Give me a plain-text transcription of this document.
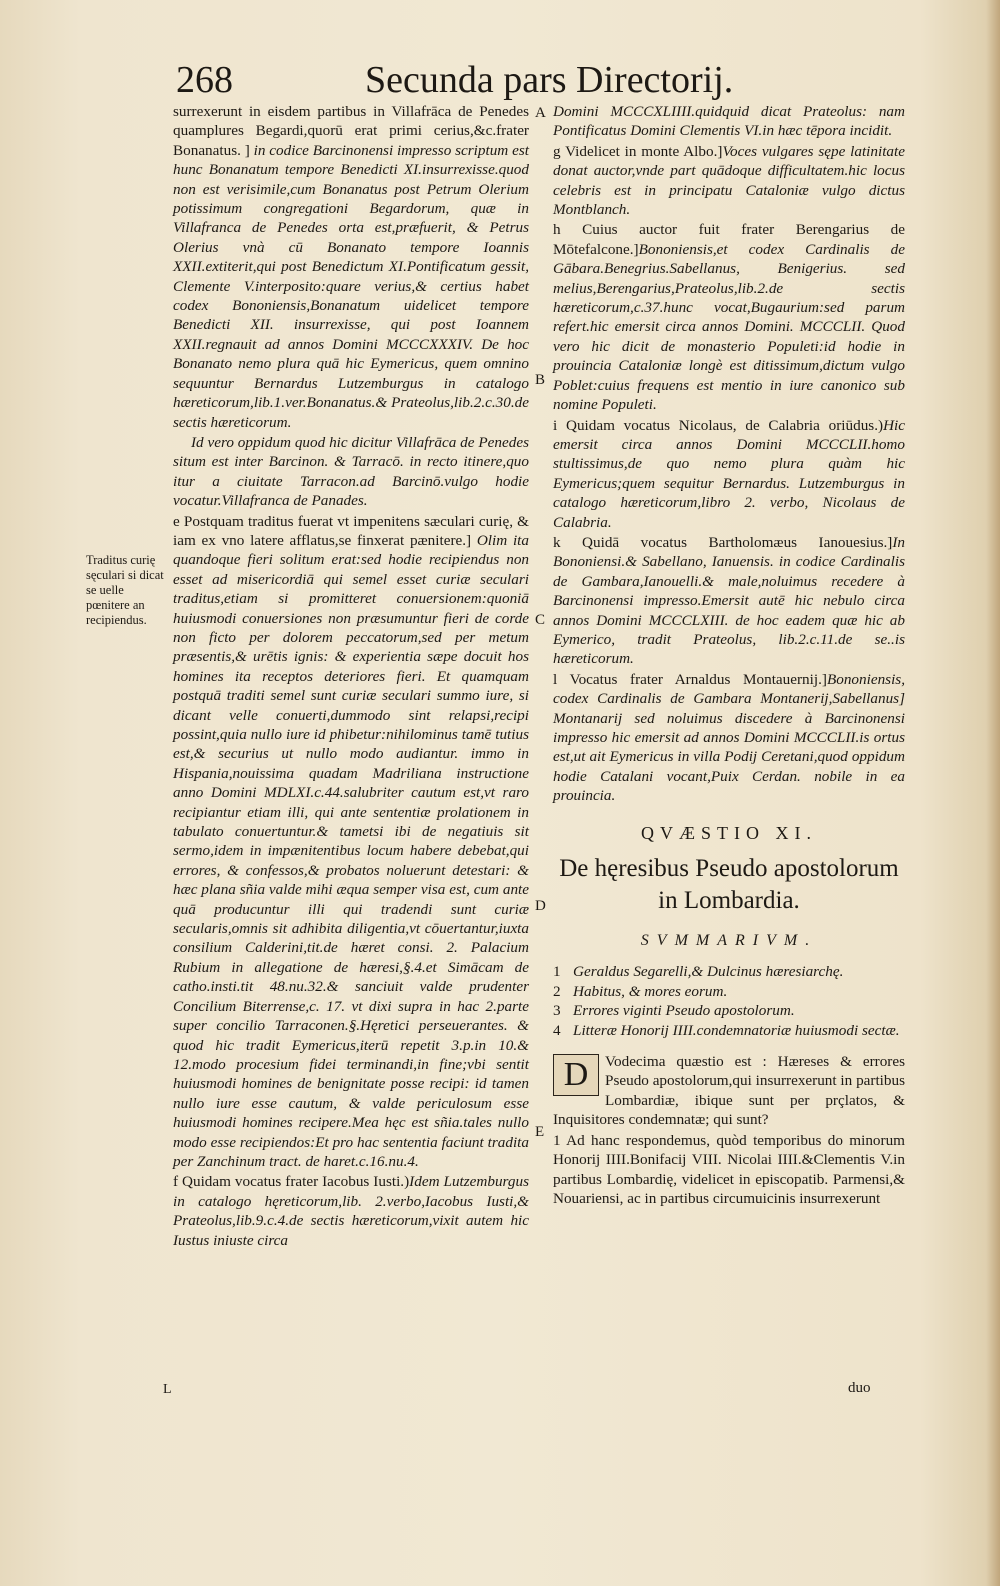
268	Secunda pars Directorij.
Traditus curię sęculari si dicat se uelle pœnitere an recipiendus.
A
B
C
D
E

surrexerunt in eisdem partibus in Villafrāca de Penedes quamplures Begardi,quorū erat primi cerius,&c.frater Bonanatus. ] in codice Barcinonensi impresso scriptum est hunc Bonanatum tempore Benedicti XI.insurrexisse.quod non est verisimile,cum Bonanatus post Petrum Olerium potissimum congregationi Begardorum, quæ in Villafranca de Penedes orta est,præfuerit, & Petrus Olerius vnà cū Bonanato tempore Ioannis XXII.extiterit,qui post Benedictum XI.Pontificatum gessit, Clemente V.interposito:quare verius,& certius habet codex Bononiensis,Bonanatum uidelicet tempore Benedicti XII. insurrexisse, qui post Ioannem XXII.regnauit ad annos Domini MCCCXXXIV. De hoc Bonanato nemo plura quā hic Eymericus, quem omnino sequuntur Bernardus Lutzemburgus in catalogo hæreticorum,lib.1.ver.Bonanatus.& Prateolus,lib.2.c.30.de sectis hæreticorum.

Id vero oppidum quod hic dicitur Villafrāca de Penedes situm est inter Barcinon. & Tarracō. in recto itinere,quo itur a ciuitate Tarracon.ad Barcinō.vulgo hodie vocatur.Villafranca de Panades.

e Postquam traditus fuerat vt impenitens sæculari curię, & iam ex vno latere afflatus,se finxerat pænitere.] Olim ita quandoque fieri solitum erat:sed hodie recipiendus non esset ad misericordiā qui semel esset curiæ seculari traditus,etiam si promitteret conuersionem:quoniā huiusmodi conuersiones non præsumuntur fieri de corde non ficto per dolorem peccatorum,sed per metum præsentis,& urētis ignis: & experientia sæpe docuit hos homines ita receptos deteriores fieri. Et quamquam postquā traditi semel sunt curiæ seculari summo iure, si dicant velle conuerti,dummodo sint relapsi,recipi possint,quia nullo iure id phibetur:nihilominus tamē tutius est,& securius ut nullo modo audiantur. immo in Hispania,nouissima quadam Madriliana instructione anno Domini MDLXI.c.44.salubriter cautum est,vt raro recipiantur etiam illi, qui ante sententiæ prolationem in tabulato conuertuntur.& tametsi ibi de negatiuis sit sermo,idem in impænitentibus locum habere debebat,qui errores, & confessos,& probatos noluerunt detestari: & hæc plana sñia valde mihi æqua semper visa est, cum ante quā producuntur illi qui tradendi sunt curiæ secularis,omnis sit adhibita diligentia,vt cōuertantur,iuxta consilium Calderini,tit.de hæret consi. 2. Palacium Rubium in allegatione de hæresi,§.4.et Simācam de catho.insti.tit 48.nu.32.& sanciuit valde prudenter Concilium Biterrense,c. 17. vt dixi supra in hac 2.parte super concilio Tarraconen.§.Hęretici perseuerantes. & quod hic tradit Eymericus,iterū repetit 3.p.in 10.& 12.modo procesium fidei terminandi,in fine;vbi sentit huiusmodi homines de benignitate posse recipi: id tamen nullo iure esse cautum, & valde periculosum esse huiusmodi homines recipere.Mea hęc est sñia.tales nullo modo esse recipiendos:Et pro hac sententia faciunt tradita per Zanchinum tract. de haret.c.16.nu.4.

f Quidam vocatus frater Iacobus Iusti.)Idem Lutzemburgus in catalogo hęreticorum,lib. 2.verbo,Iacobus Iusti,& Prateolus,lib.9.c.4.de sectis hæreticorum,vixit autem hic Iustus iniuste circa

Domini MCCCXLIIII.quidquid dicat Prateolus: nam Pontificatus Domini Clementis VI.in hæc tēpora incidit.

g Videlicet in monte Albo.]Voces vulgares sępe latinitate donat auctor,vnde part quādoque difficultatem.hic locus celebris est in principatu Cataloniæ vulgo dictus Montblanch.

h Cuius auctor fuit frater Berengarius de Mōtefalcone.]Bononiensis,et codex Cardinalis de Gābara.Benegrius.Sabellanus, Benigerius. sed melius,Berengarius,Prateolus,lib.2.de sectis hæreticorum,c.37.hunc vocat,Bugaurium:sed parum refert.hic emersit circa annos Domini. MCCCLII. Quod vero hic dicit de monasterio Populeti:id hodie in prouincia Cataloniæ longè est ditissimum,dictum vulgo Poblet:cuius frequens est mentio in iure canonico sub nomine Populeti.

i Quidam vocatus Nicolaus, de Calabria oriūdus.)Hic emersit circa annos Domini MCCCLII.homo stultissimus,de quo nemo plura quàm hic Eymericus;quem sequitur Bernardus. Lutzemburgus in catalogo hæreticorum,libro 2. verbo, Nicolaus de Calabria.

k Quidā vocatus Bartholomæus Ianouesius.]In Bononiensi.& Sabellano, Ianuensis. in codice Cardinalis de Gambara,Ianouelli.& male,noluimus recedere à Barcinonensi impresso.Emersit autē hic nebulo circa annos Domini MCCCLXIII. de hoc eadem quæ hic ab Eymerico, tradit Prateolus, lib.2.c.11.de se..is hæreticorum.

l Vocatus frater Arnaldus Montauernij.]Bononiensis, codex Cardinalis de Gambara Montanerij,Sabellanus] Montanarij sed noluimus discedere à Barcinonensi impresso hic emersit ad annos Domini MCCCLII.is ortus est,ut ait Eymericus in villa Podij Ceretani,quod oppidum hodie Catalani vocant,Puix Cerdan. nobile in ea prouincia.

QVÆSTIO XI.
De hęresibus Pseudo apostolorum in Lombardia.
SVMMARIVM.
1 Geraldus Segarelli,& Dulcinus hæresiarchę.
2 Habitus, & mores eorum.
3 Errores viginti Pseudo apostolorum.
4 Litteræ Honorij IIII.condemnatoriæ huiusmodi sectæ.

D	Vodecima quæstio est : Hæreses & errores Pseudo apostolorum,qui insurrexerunt in partibus Lombardiæ, ibique sunt per prçlatos, & Inquisitores condemnatæ; qui sunt?

1 Ad hanc respondemus, quòd temporibus do minorum Honorij IIII.Bonifacij VIII. Nicolai IIII.&Clementis V.in partibus Lombardię, videlicet in episcopatib. Parmensi,& Nouariensi, ac in partibus circumuicinis insurrexerunt

duo
L
